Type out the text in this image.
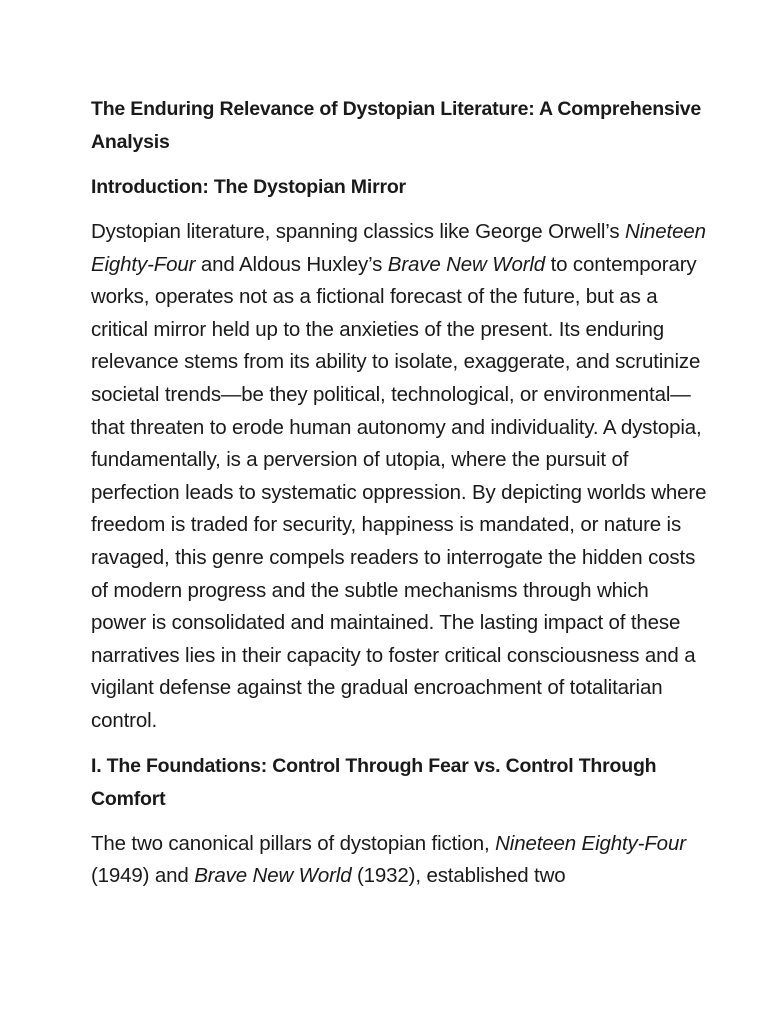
The Enduring Relevance of Dystopian Literature: A Comprehensive Analysis
Introduction: The Dystopian Mirror

Dystopian literature, spanning classics like George Orwell’s Nineteen Eighty-Four and Aldous Huxley’s Brave New World to contemporary works, operates not as a fictional forecast of the future, but as a critical mirror held up to the anxieties of the present. Its enduring relevance stems from its ability to isolate, exaggerate, and scrutinize societal trends—be they political, technological, or environmental—that threaten to erode human autonomy and individuality. A dystopia, fundamentally, is a perversion of utopia, where the pursuit of perfection leads to systematic oppression. By depicting worlds where freedom is traded for security, happiness is mandated, or nature is ravaged, this genre compels readers to interrogate the hidden costs of modern progress and the subtle mechanisms through which power is consolidated and maintained. The lasting impact of these narratives lies in their capacity to foster critical consciousness and a vigilant defense against the gradual encroachment of totalitarian control.

I. The Foundations: Control Through Fear vs. Control Through Comfort

The two canonical pillars of dystopian fiction, Nineteen Eighty-Four (1949) and Brave New World (1932), established two
